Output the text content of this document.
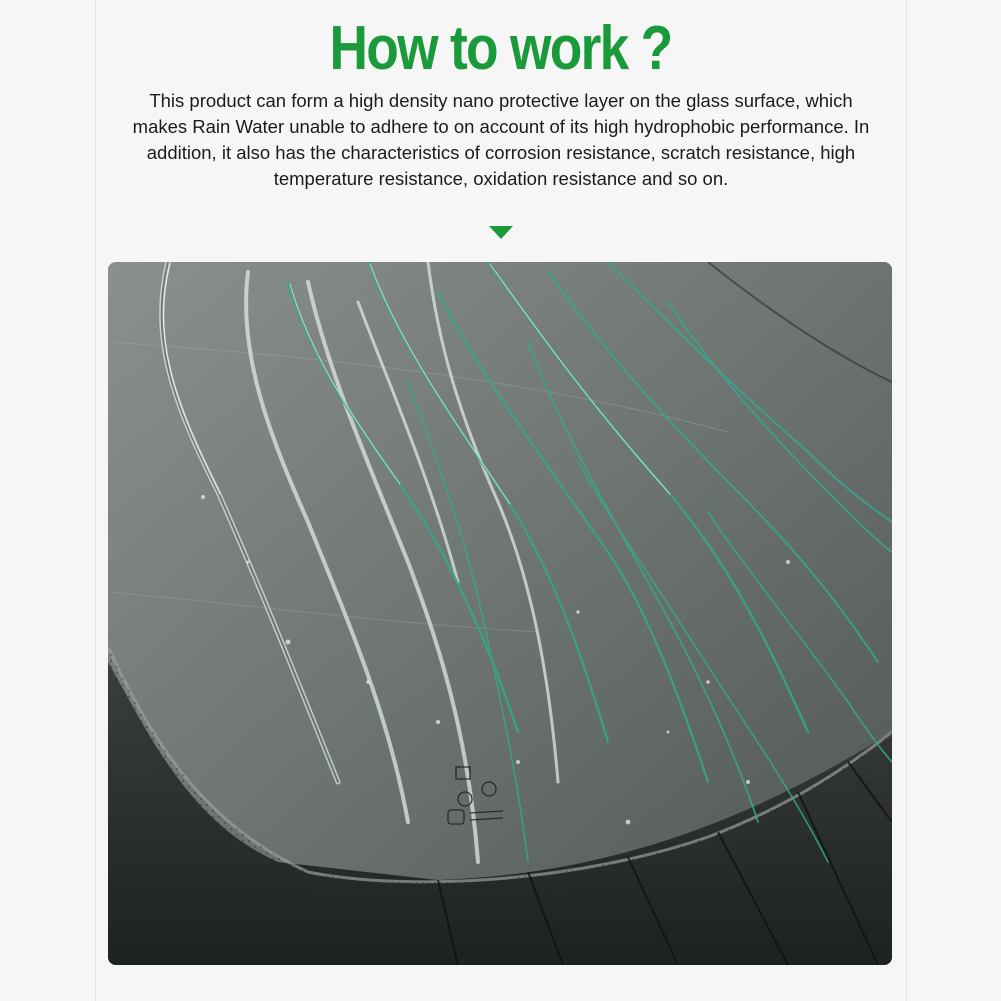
How to work ?
This product can form a high density nano protective layer on the glass surface, which makes Rain Water unable to adhere to on account of its high hydrophobic performance. In addition, it also has the characteristics of corrosion resistance, scratch resistance, high temperature resistance, oxidation resistance and so on.
